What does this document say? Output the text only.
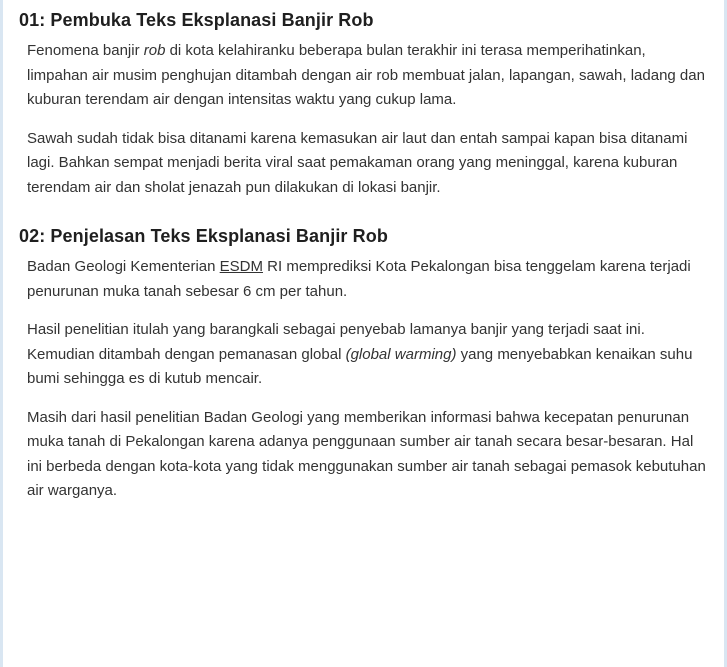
01: Pembuka Teks Eksplanasi Banjir Rob

Fenomena banjir rob di kota kelahiranku beberapa bulan terakhir ini terasa memperihatinkan, limpahan air musim penghujan ditambah dengan air rob membuat jalan, lapangan, sawah, ladang dan kuburan terendam air dengan intensitas waktu yang cukup lama.

Sawah sudah tidak bisa ditanami karena kemasukan air laut dan entah sampai kapan bisa ditanami lagi. Bahkan sempat menjadi berita viral saat pemakaman orang yang meninggal, karena kuburan terendam air dan sholat jenazah pun dilakukan di lokasi banjir.

02: Penjelasan Teks Eksplanasi Banjir Rob

Badan Geologi Kementerian ESDM RI memprediksi Kota Pekalongan bisa tenggelam karena terjadi penurunan muka tanah sebesar 6 cm per tahun.

Hasil penelitian itulah yang barangkali sebagai penyebab lamanya banjir yang terjadi saat ini. Kemudian ditambah dengan pemanasan global (global warming) yang menyebabkan kenaikan suhu bumi sehingga es di kutub mencair.

Masih dari hasil penelitian Badan Geologi yang memberikan informasi bahwa kecepatan penurunan muka tanah di Pekalongan karena adanya penggunaan sumber air tanah secara besar-besaran. Hal ini berbeda dengan kota-kota yang tidak menggunakan sumber air tanah sebagai pemasok kebutuhan air warganya.
